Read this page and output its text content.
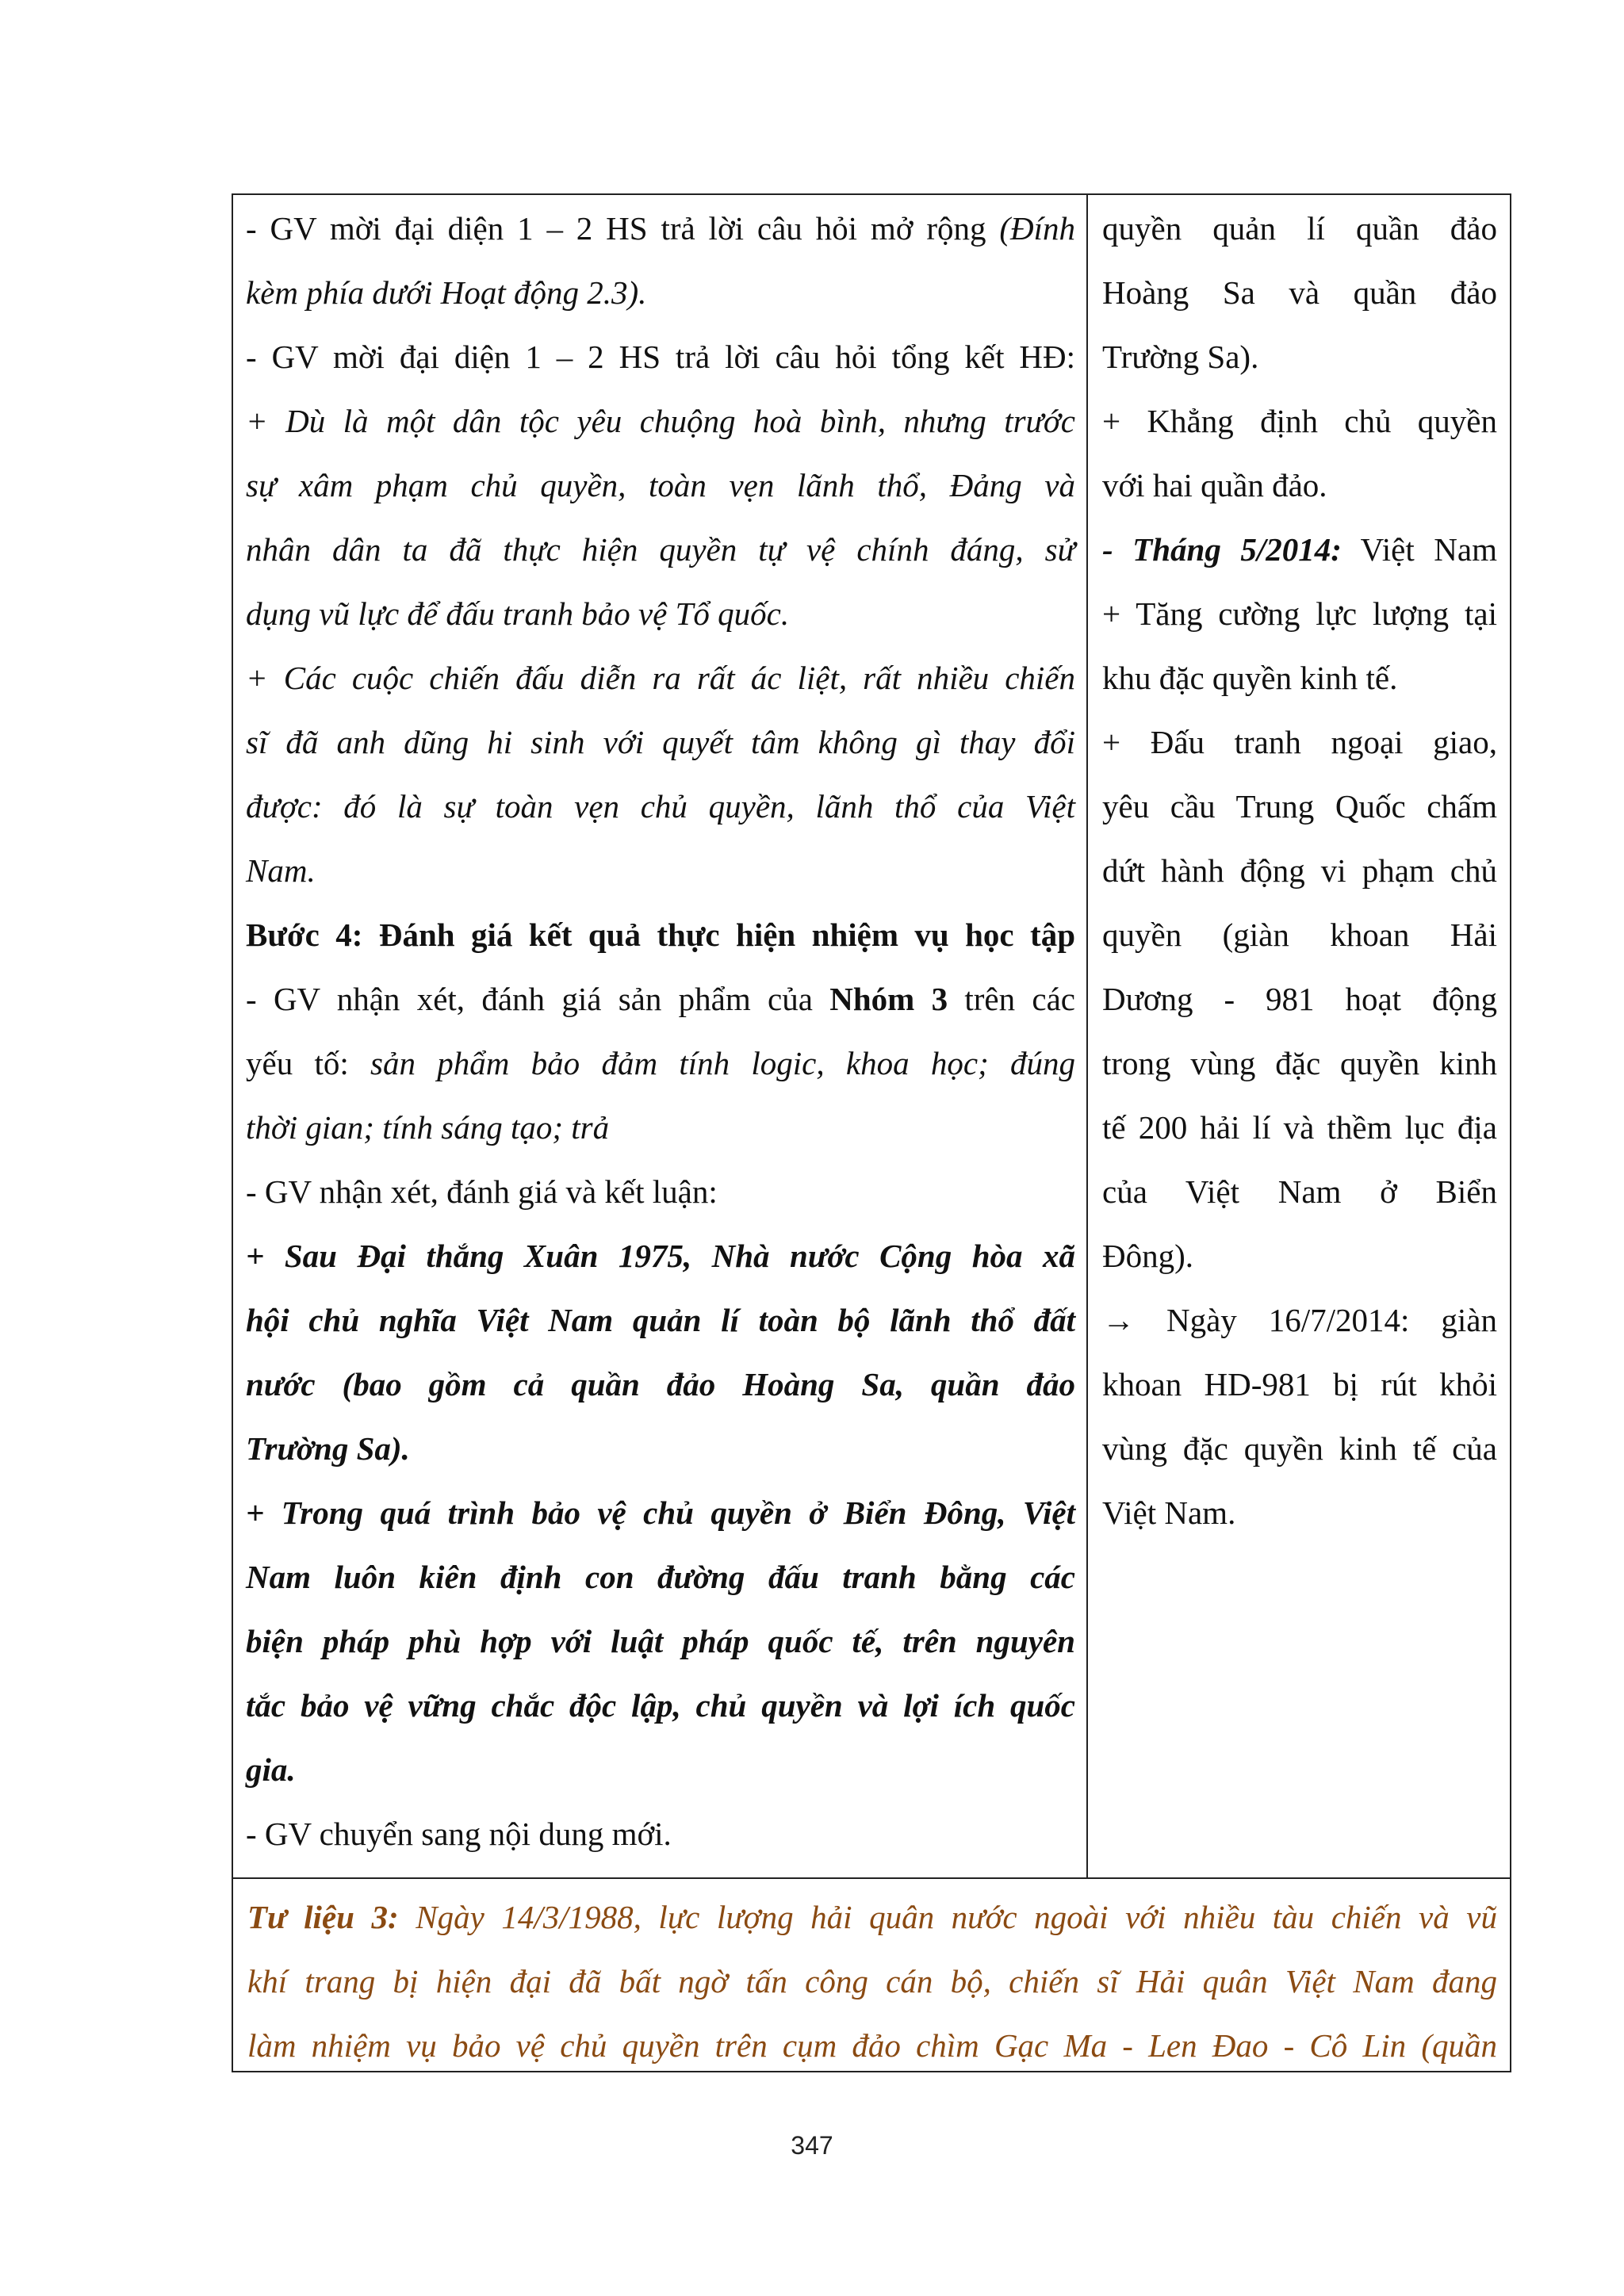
- GV mời đại diện 1 – 2 HS trả lời câu hỏi mở rộng (Đính
kèm phía dưới Hoạt động 2.3).
- GV mời đại diện 1 – 2 HS trả lời câu hỏi tổng kết HĐ:
+ Dù là một dân tộc yêu chuộng hoà bình, nhưng trước
sự xâm phạm chủ quyền, toàn vẹn lãnh thổ, Đảng và
nhân dân ta đã thực hiện quyền tự vệ chính đáng, sử
dụng vũ lực để đấu tranh bảo vệ Tổ quốc.
+ Các cuộc chiến đấu diễn ra rất ác liệt, rất nhiều chiến
sĩ đã anh dũng hi sinh với quyết tâm không gì thay đổi
được: đó là sự toàn vẹn chủ quyền, lãnh thổ của Việt
Nam.
Bước 4: Đánh giá kết quả thực hiện nhiệm vụ học tập
- GV nhận xét, đánh giá sản phẩm của Nhóm 3 trên các
yếu tố: sản phẩm bảo đảm tính logic, khoa học; đúng
thời gian; tính sáng tạo; trả
- GV nhận xét, đánh giá và kết luận:
+ Sau Đại thắng Xuân 1975, Nhà nước Cộng hòa xã
hội chủ nghĩa Việt Nam quản lí toàn bộ lãnh thổ đất
nước (bao gồm cả quần đảo Hoàng Sa, quần đảo
Trường Sa).
+ Trong quá trình bảo vệ chủ quyền ở Biển Đông, Việt
Nam luôn kiên định con đường đấu tranh bằng các
biện pháp phù hợp với luật pháp quốc tế, trên nguyên
tắc bảo vệ vững chắc độc lập, chủ quyền và lợi ích quốc
gia.
- GV chuyển sang nội dung mới.
quyền quản lí quần đảo
Hoàng Sa và quần đảo
Trường Sa).
+ Khẳng định chủ quyền
với hai quần đảo.
- Tháng 5/2014: Việt Nam
+ Tăng cường lực lượng tại
khu đặc quyền kinh tế.
+ Đấu tranh ngoại giao,
yêu cầu Trung Quốc chấm
dứt hành động vi phạm chủ
quyền (giàn khoan Hải
Dương - 981 hoạt động
trong vùng đặc quyền kinh
tế 200 hải lí và thềm lục địa
của Việt Nam ở Biển
Đông).
→ Ngày 16/7/2014: giàn
khoan HD-981 bị rút khỏi
vùng đặc quyền kinh tế của
Việt Nam.
Tư liệu 3: Ngày 14/3/1988, lực lượng hải quân nước ngoài với nhiều tàu chiến và vũ
khí trang bị hiện đại đã bất ngờ tấn công cán bộ, chiến sĩ Hải quân Việt Nam đang
làm nhiệm vụ bảo vệ chủ quyền trên cụm đảo chìm Gạc Ma - Len Đao - Cô Lin (quần
347
